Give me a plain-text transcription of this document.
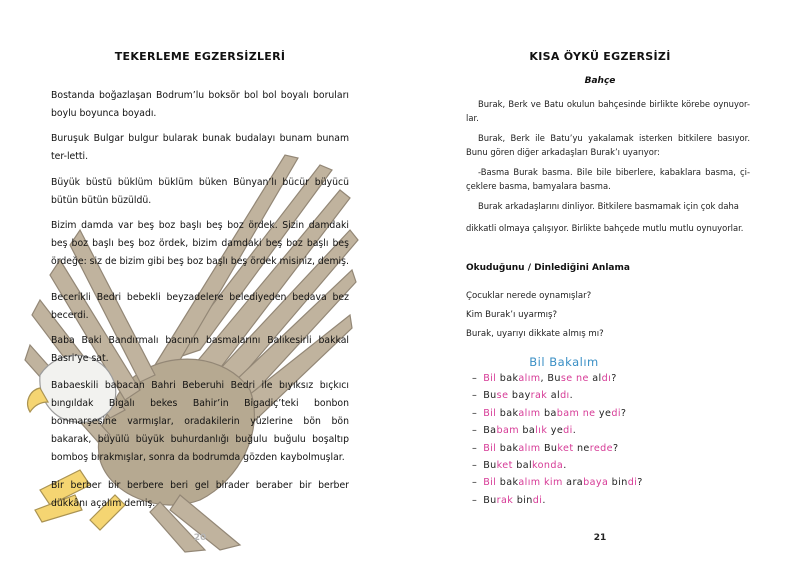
TEKERLEME EGZERSİZLERİ
Bostanda boğazlaşan Bodrum’lu boksör bol bol boyalı boruları boylu boyunca boyadı.
Buruşuk Bulgar bulgur bularak bunak budalayı bunam bunam ter-letti.
Büyük büstü büklüm büklüm büken Bünyan’lı bücür büyücü bütün bütün büzüldü.
Bizim damda var beş boz başlı beş boz ördek. Sizin damdaki beş boz başlı beş boz ördek, bizim damdaki beş boz başlı beş ördeğe: siz de bizim gibi beş boz başlı beş ördek misiniz, demiş.
Becerikli Bedri bebekli beyzadelere belediyeden bedava bez becerdi.
Baba Baki Bandırmalı bacının basmalarını Balıkesirli bakkal Basri’ye sat.
Babaeskili babacan Bahri Beberuhi Bedri ile bıyıksız bıçkıcı bıngıldak Bigalı bekes Bahir’in Bigadiç’teki bonbon bonmarşesine varmışlar, oradakilerin yüzlerine bön bön bakarak, büyülü büyük buhurdanlığı buğulu buğulu boşaltıp bomboş bırakmışlar, sonra da bodrumda gözden kaybolmuşlar.
Bir berber bir berbere beri gel birader beraber bir berber dükkânı açalım demiş.
20
KISA ÖYKÜ EGZERSİZİ
Bahçe
Burak, Berk ve Batu okulun bahçesinde birlikte körebe oynuyor-lar.
Burak, Berk ile Batu’yu yakalamak isterken bitkilere basıyor. Bunu gören diğer arkadaşları Burak’ı uyarıyor:
-Basma Burak basma. Bile bile biberlere, kabaklara basma, çi-çeklere basma, bamyalara basma.
Burak arkadaşlarını dinliyor. Bitkilere basmamak için çok daha
dikkatli olmaya çalışıyor. Birlikte bahçede mutlu mutlu oynuyorlar.
Okuduğunu / Dinlediğini Anlama
Çocuklar nerede oynamışlar?
Kim Burak’ı uyarmış?
Burak, uyarıyı dikkate almış mı?
Bil Bakalım
– Bil bakalım, Buse ne aldı?
– Buse bayrak aldı.
– Bil bakalım babam ne yedi?
– Babam balık yedi.
– Bil bakalım Buket nerede?
– Buket balkonda.
– Bil bakalım kim arabaya bindi?
– Burak bindi.
21
